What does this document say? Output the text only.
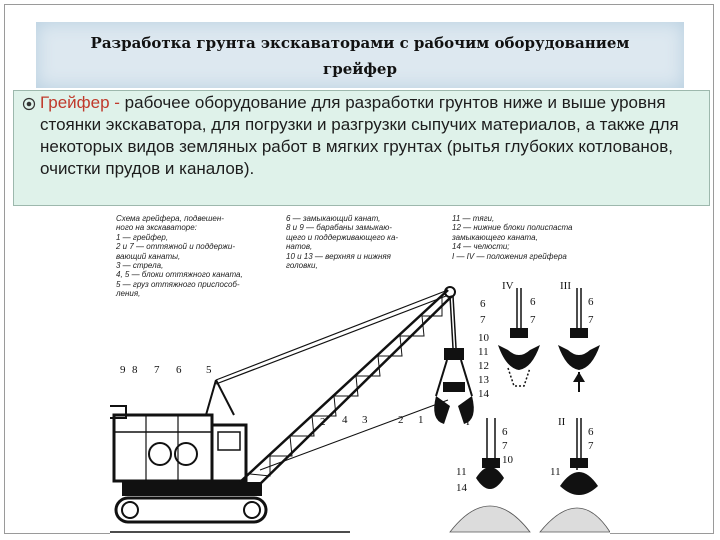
Разработка грунта экскаваторами с рабочим оборудованием
грейфер
Грейфер - рабочее оборудование для разработки грунтов ниже и выше уровня стоянки экскаватора, для погрузки и разгрузки сыпучих материалов, а также для некоторых видов земляных работ в мягких грунтах (рытья глубоких котлованов, очистки прудов и каналов).
Схема грейфера, подвешен-
ного на экскаваторе:
1 — грейфер,
2 и 7 — оттяжной и поддержи-
вающий канаты,
3 — стрела,
4, 5 — блоки оттяжного каната,
5 — груз оттяжного приспособ-
ления,
6 — замыкающий канат,
8 и 9 — барабаны замыкаю-
щего и поддерживающего ка-
натов,
10 и 13 — верхняя и нижняя
головки,
11 — тяги,
12 — нижние блоки полиспаста
замыкающего каната,
14 — челюсти;
I — IV — положения грейфера
9 8 7 6 5
2 4 3	2 1
6
7
10
11
12
13
14
IV
6
7
III
6
7
I
6
7
10
11
14
II
6
7
11
